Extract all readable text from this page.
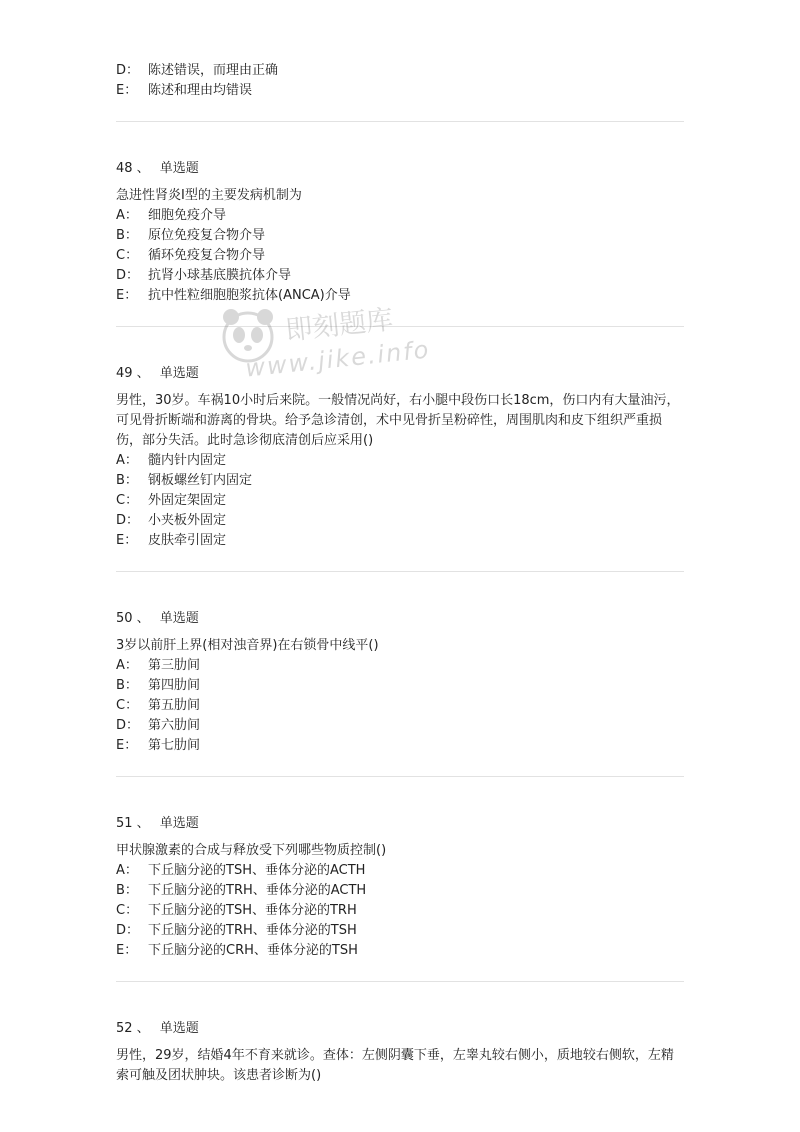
D： 陈述错误，而理由正确
E： 陈述和理由均错误
48 、 单选题
急进性肾炎Ⅰ型的主要发病机制为
A： 细胞免疫介导
B： 原位免疫复合物介导
C： 循环免疫复合物介导
D： 抗肾小球基底膜抗体介导
E： 抗中性粒细胞胞浆抗体(ANCA)介导
49 、 单选题
男性，30岁。车祸10小时后来院。一般情况尚好，右小腿中段伤口长18cm，伤口内有大量油污，可见骨折断端和游离的骨块。给予急诊清创，术中见骨折呈粉碎性，周围肌肉和皮下组织严重损伤，部分失活。此时急诊彻底清创后应采用()
A： 髓内针内固定
B： 钢板螺丝钉内固定
C： 外固定架固定
D： 小夹板外固定
E： 皮肤牵引固定
50 、 单选题
3岁以前肝上界(相对浊音界)在右锁骨中线平()
A： 第三肋间
B： 第四肋间
C： 第五肋间
D： 第六肋间
E： 第七肋间
51 、 单选题
甲状腺激素的合成与释放受下列哪些物质控制()
A： 下丘脑分泌的TSH、垂体分泌的ACTH
B： 下丘脑分泌的TRH、垂体分泌的ACTH
C： 下丘脑分泌的TSH、垂体分泌的TRH
D： 下丘脑分泌的TRH、垂体分泌的TSH
E： 下丘脑分泌的CRH、垂体分泌的TSH
52 、 单选题
男性，29岁，结婚4年不育来就诊。查体：左侧阴囊下垂，左睾丸较右侧小，质地较右侧软，左精索可触及团状肿块。该患者诊断为()
即刻题库
www.jike.info
